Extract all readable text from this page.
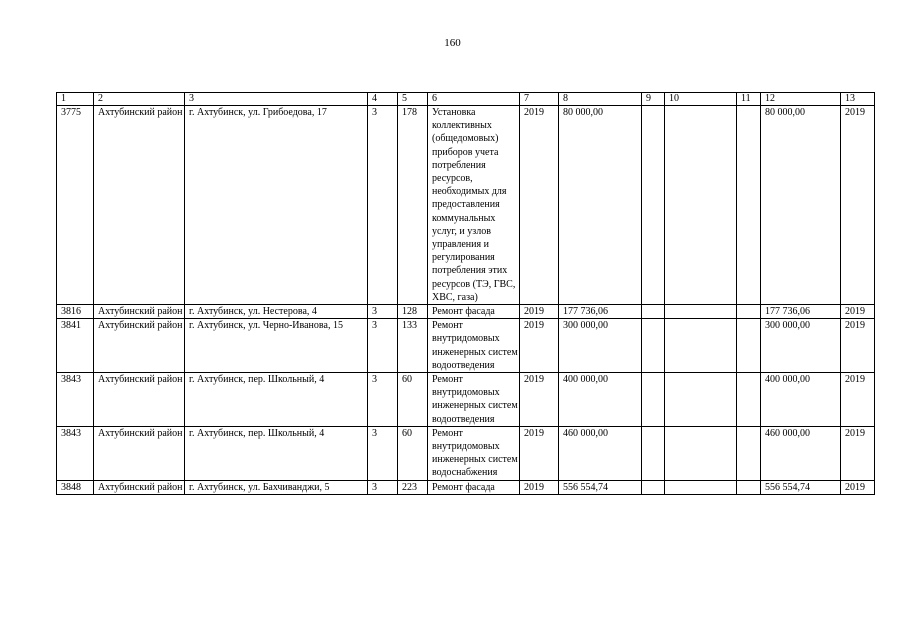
160
1	2	3	4	5	6	7	8	9	10	11	12	13
3775	Ахтубинский район	г. Ахтубинск, ул. Грибоедова, 17	3	178	Установка коллективных (общедомовых) приборов учета потребления ресурсов, необходимых для предоставления коммунальных услуг, и узлов управления и регулирования потребления этих ресурсов (ТЭ, ГВС, ХВС, газа)	2019	80 000,00				80 000,00	2019
3816	Ахтубинский район	г. Ахтубинск, ул. Нестерова, 4	3	128	Ремонт фасада	2019	177 736,06				177 736,06	2019
3841	Ахтубинский район	г. Ахтубинск, ул. Черно-Иванова, 15	3	133	Ремонт внутридомовых инженерных систем водоотведения	2019	300 000,00				300 000,00	2019
3843	Ахтубинский район	г. Ахтубинск, пер. Школьный, 4	3	60	Ремонт внутридомовых инженерных систем водоотведения	2019	400 000,00				400 000,00	2019
3843	Ахтубинский район	г. Ахтубинск, пер. Школьный, 4	3	60	Ремонт внутридомовых инженерных систем водоснабжения	2019	460 000,00				460 000,00	2019
3848	Ахтубинский район	г. Ахтубинск, ул. Бахчиванджи, 5	3	223	Ремонт фасада	2019	556 554,74				556 554,74	2019
